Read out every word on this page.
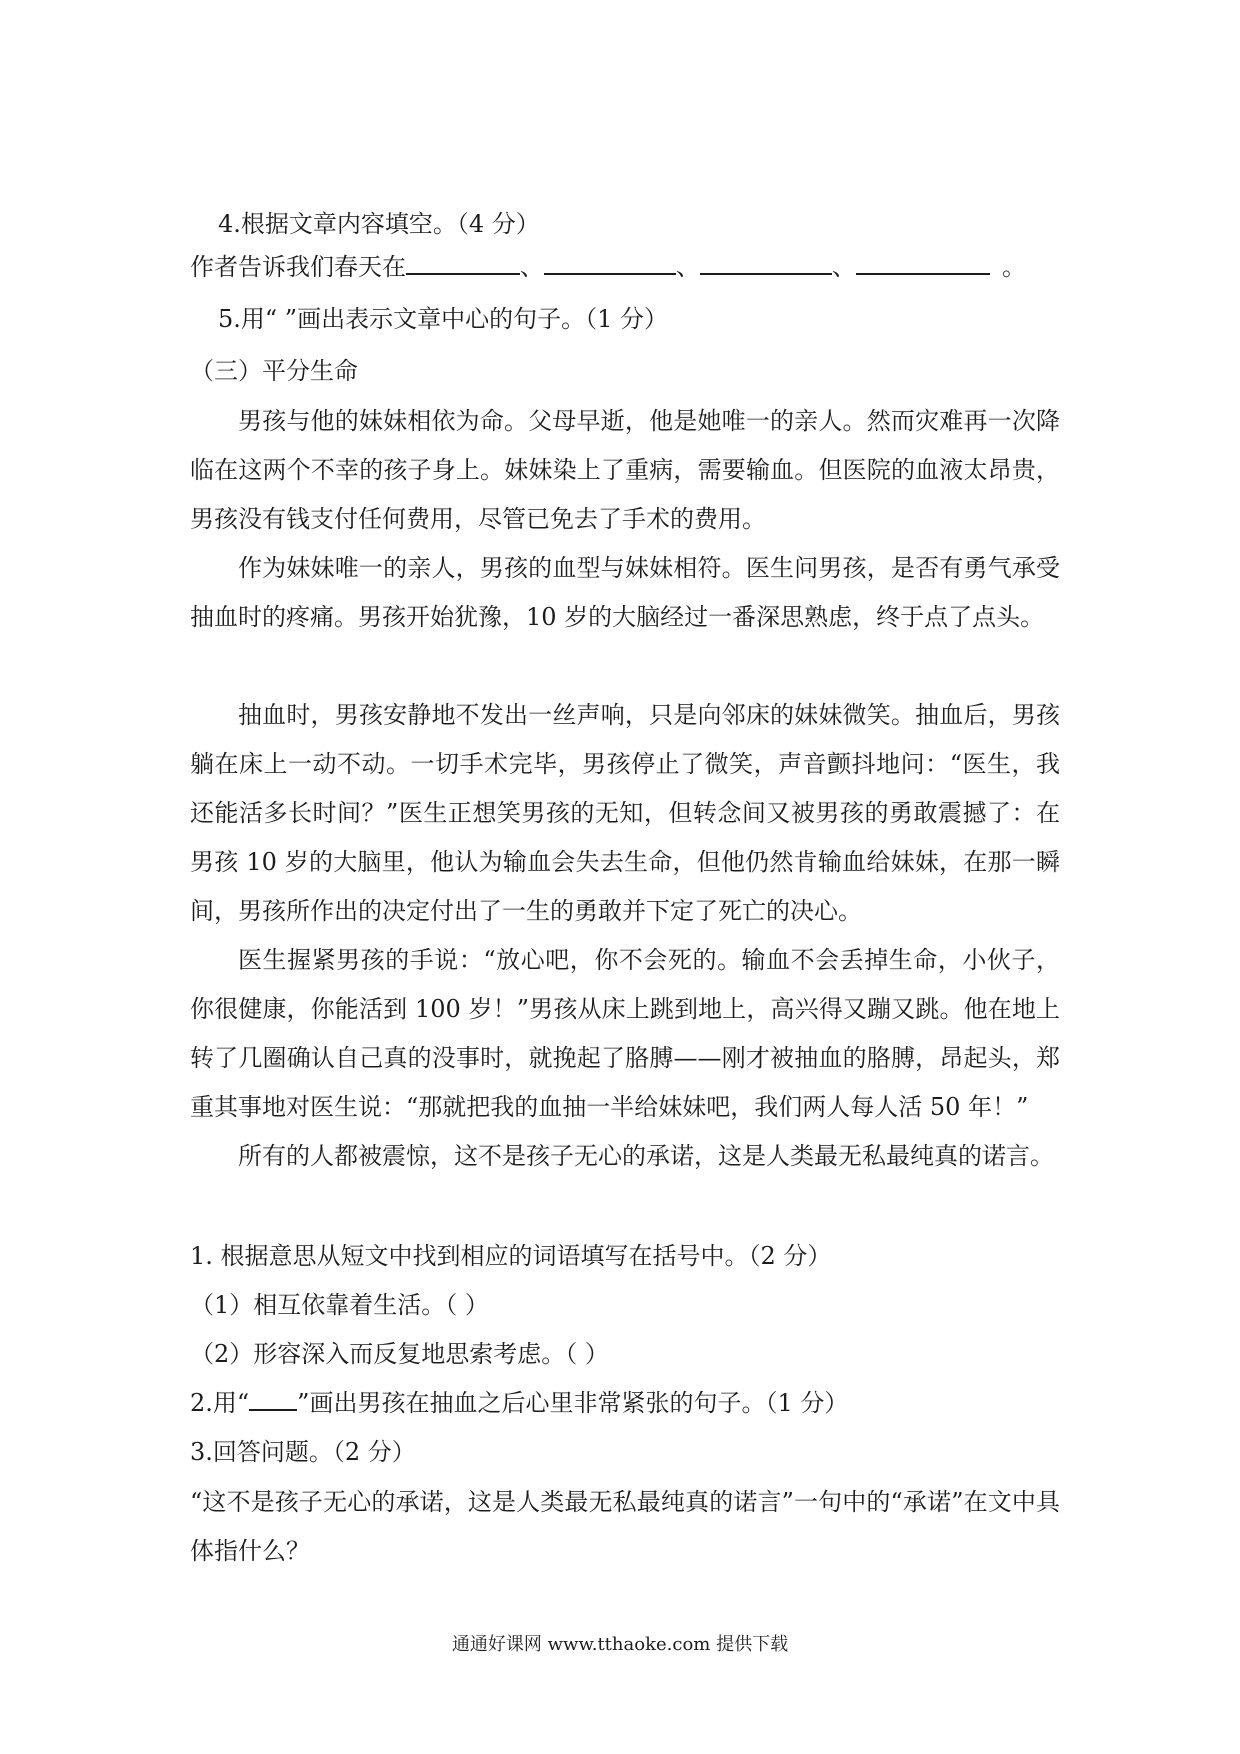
4.根据文章内容填空。（4 分）
作者告诉我们春天在	、	、	、	。
5.用“ ”画出表示文章中心的句子。（1 分）
（三）平分生命
男孩与他的妹妹相依为命。父母早逝，他是她唯一的亲人。然而灾难再一次降临在这两个不幸的孩子身上。妹妹染上了重病，需要输血。但医院的血液太昂贵，男孩没有钱支付任何费用，尽管已免去了手术的费用。
作为妹妹唯一的亲人，男孩的血型与妹妹相符。医生问男孩，是否有勇气承受抽血时的疼痛。男孩开始犹豫，10 岁的大脑经过一番深思熟虑，终于点了点头。
抽血时，男孩安静地不发出一丝声响，只是向邻床的妹妹微笑。抽血后，男孩躺在床上一动不动。一切手术完毕，男孩停止了微笑，声音颤抖地问：“医生，我还能活多长时间？”医生正想笑男孩的无知，但转念间又被男孩的勇敢震撼了：在男孩 10 岁的大脑里，他认为输血会失去生命，但他仍然肯输血给妹妹，在那一瞬间，男孩所作出的决定付出了一生的勇敢并下定了死亡的决心。
医生握紧男孩的手说：“放心吧，你不会死的。输血不会丢掉生命，小伙子，你很健康，你能活到 100 岁！”男孩从床上跳到地上，高兴得又蹦又跳。他在地上转了几圈确认自己真的没事时，就挽起了胳膊——刚才被抽血的胳膊，昂起头，郑重其事地对医生说：“那就把我的血抽一半给妹妹吧，我们两人每人活 50 年！”
所有的人都被震惊，这不是孩子无心的承诺，这是人类最无私最纯真的诺言。
1. 根据意思从短文中找到相应的词语填写在括号中。（2 分）
（1）相互依靠着生活。（ ）
（2）形容深入而反复地思索考虑。（ ）
2.用“ ”画出男孩在抽血之后心里非常紧张的句子。（1 分）
3.回答问题。（2 分）
“这不是孩子无心的承诺，这是人类最无私最纯真的诺言”一句中的“承诺”在文中具体指什么？
通通好课网 www.tthaoke.com 提供下载
